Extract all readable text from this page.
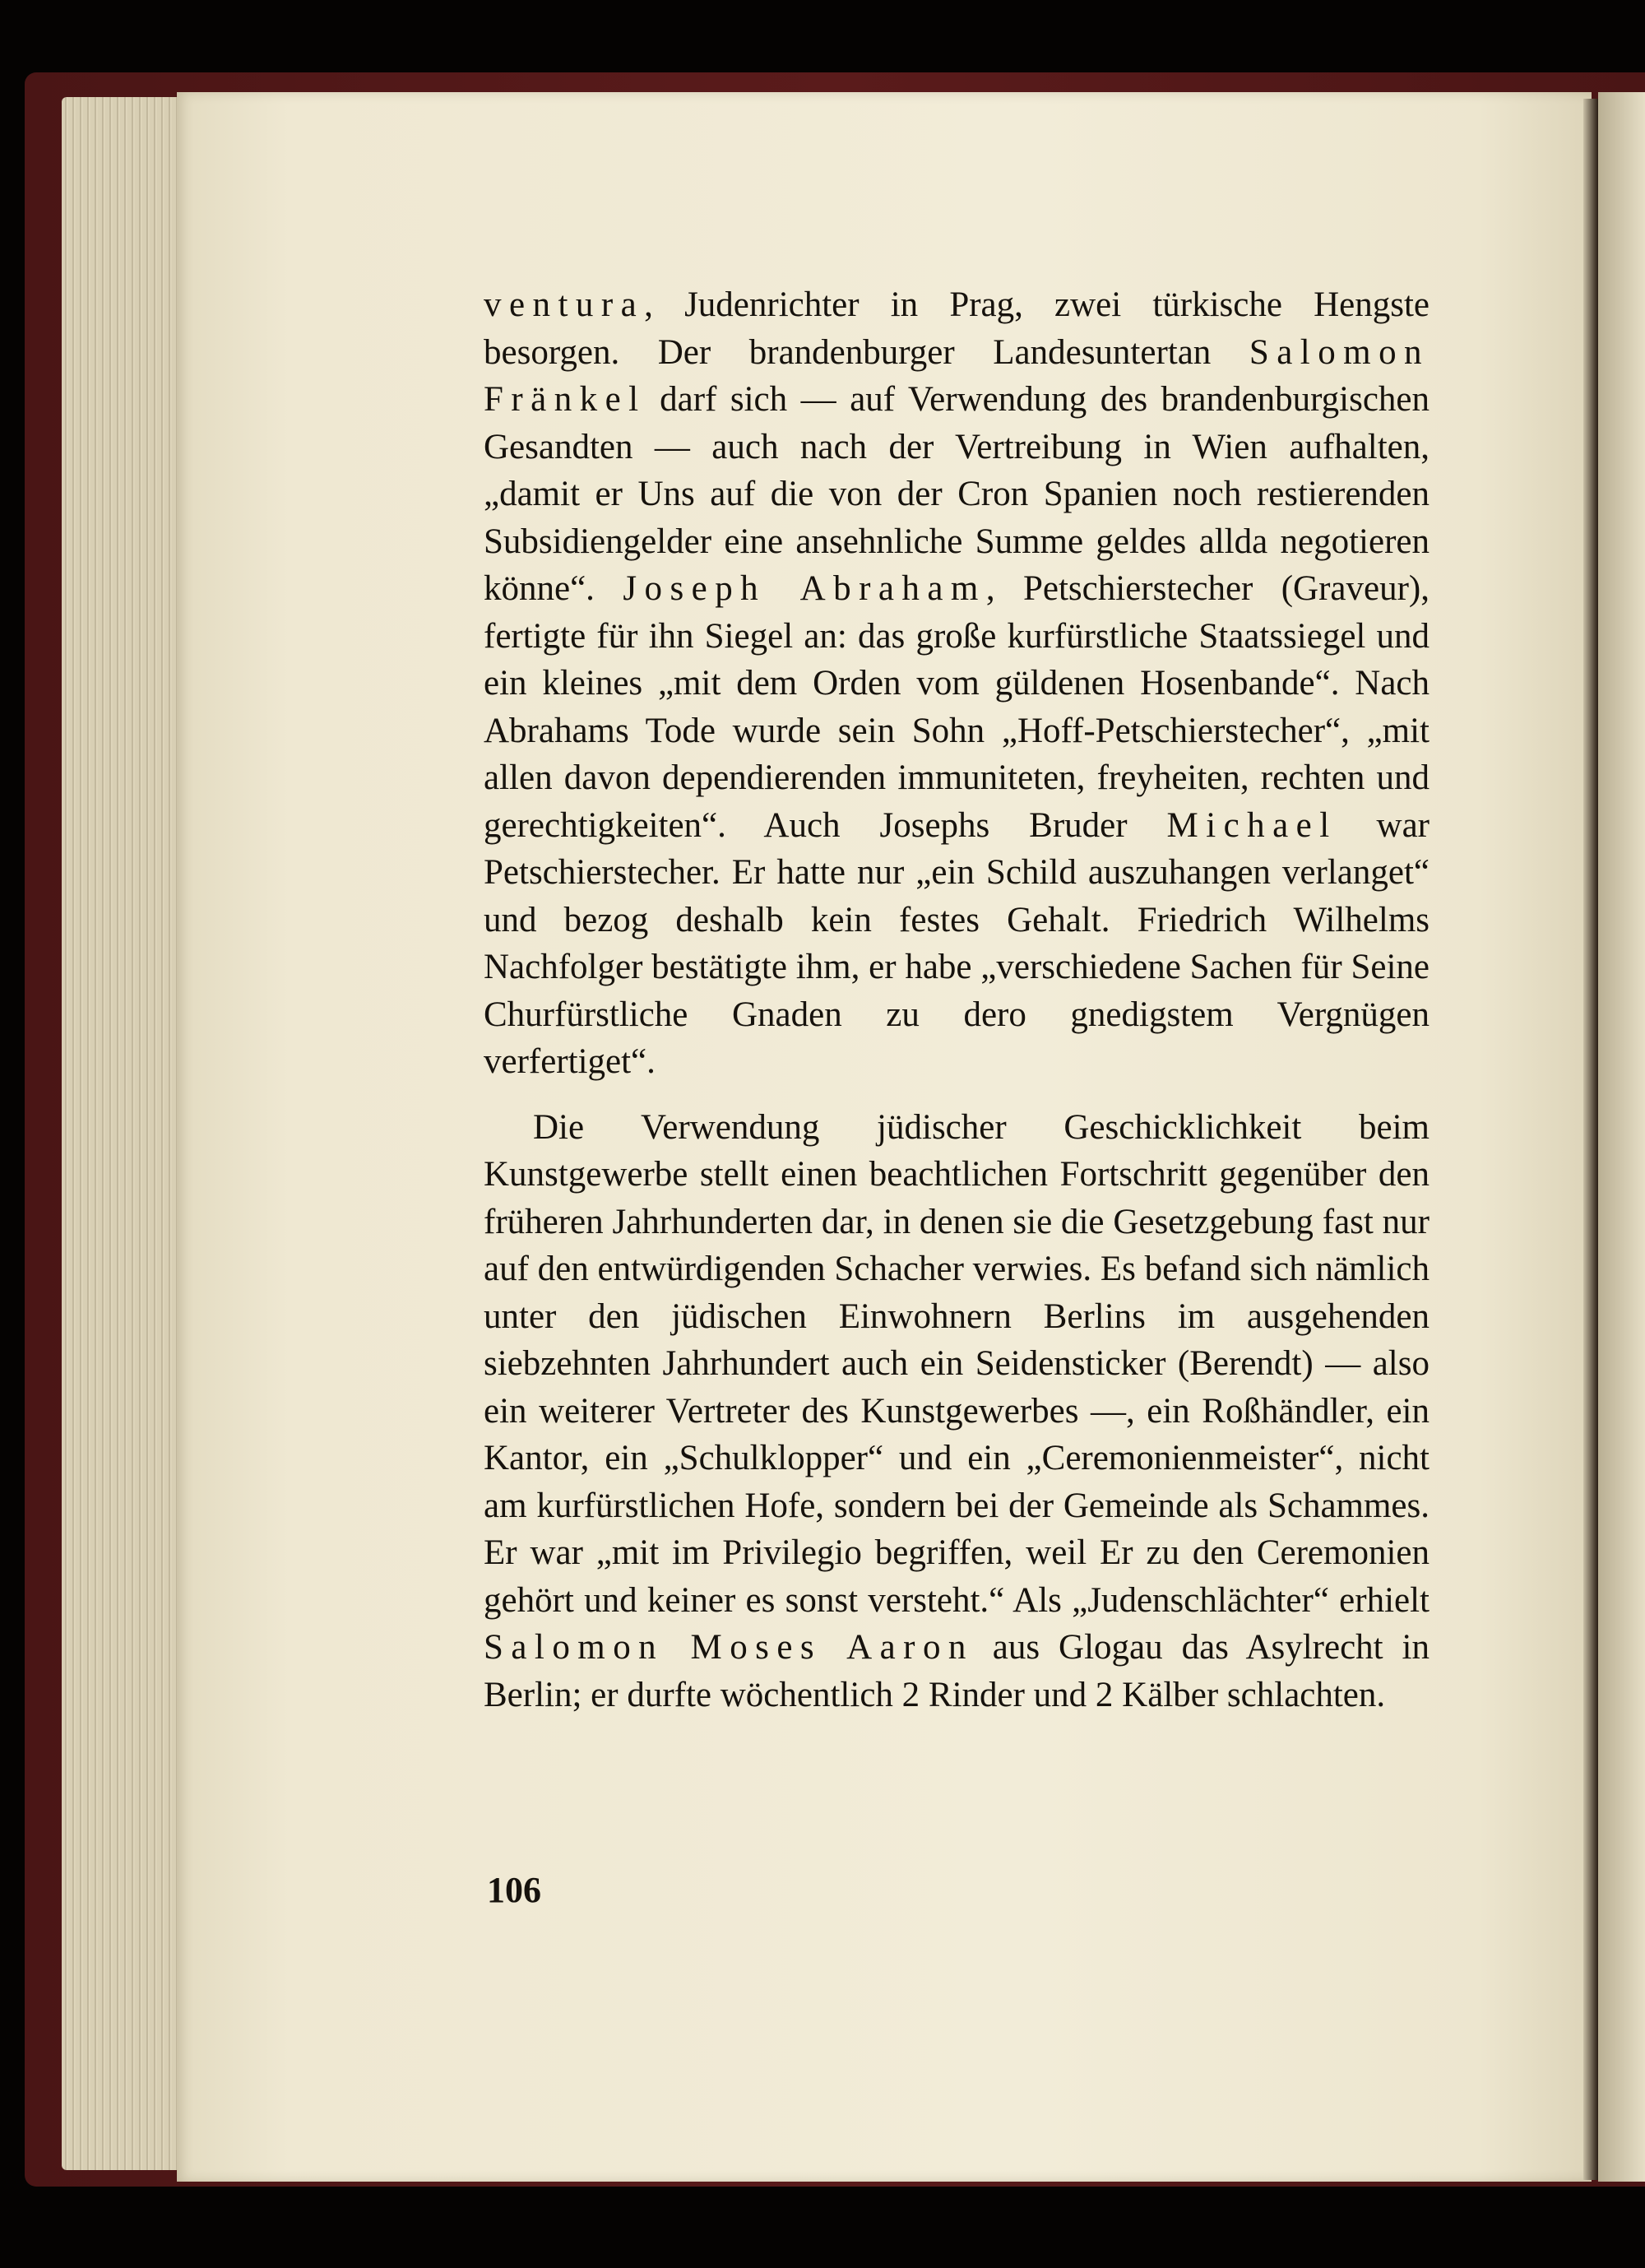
ventura, Judenrichter in Prag, zwei türkische Hengste besorgen. Der brandenburger Landesuntertan Salomon Fränkel darf sich — auf Verwendung des brandenburgischen Gesandten — auch nach der Vertreibung in Wien aufhalten, „damit er Uns auf die von der Cron Spanien noch restierenden Subsidiengelder eine ansehnliche Summe geldes allda negotieren könne“. Joseph Abraham, Petschierstecher (Graveur), fertigte für ihn Siegel an: das große kurfürstliche Staatssiegel und ein kleines „mit dem Orden vom güldenen Hosenbande“. Nach Abrahams Tode wurde sein Sohn „Hoff-Petschierstecher“, „mit allen davon dependierenden immuniteten, freyheiten, rechten und gerechtigkeiten“. Auch Josephs Bruder Michael war Petschierstecher. Er hatte nur „ein Schild auszuhangen verlanget“ und bezog deshalb kein festes Gehalt. Friedrich Wilhelms Nachfolger bestätigte ihm, er habe „verschiedene Sachen für Seine Churfürstliche Gnaden zu dero gnedigstem Vergnügen verfertiget“.

Die Verwendung jüdischer Geschicklichkeit beim Kunstgewerbe stellt einen beachtlichen Fortschritt gegenüber den früheren Jahrhunderten dar, in denen sie die Gesetzgebung fast nur auf den entwürdigenden Schacher verwies. Es befand sich nämlich unter den jüdischen Einwohnern Berlins im ausgehenden siebzehnten Jahrhundert auch ein Seidensticker (Berendt) — also ein weiterer Vertreter des Kunstgewerbes —, ein Roßhändler, ein Kantor, ein „Schulklopper“ und ein „Ceremonienmeister“, nicht am kurfürstlichen Hofe, sondern bei der Gemeinde als Schammes. Er war „mit im Privilegio begriffen, weil Er zu den Ceremonien gehört und keiner es sonst versteht.“ Als „Judenschlächter“ erhielt Salomon Moses Aaron aus Glogau das Asylrecht in Berlin; er durfte wöchentlich 2 Rinder und 2 Kälber schlachten.

106
